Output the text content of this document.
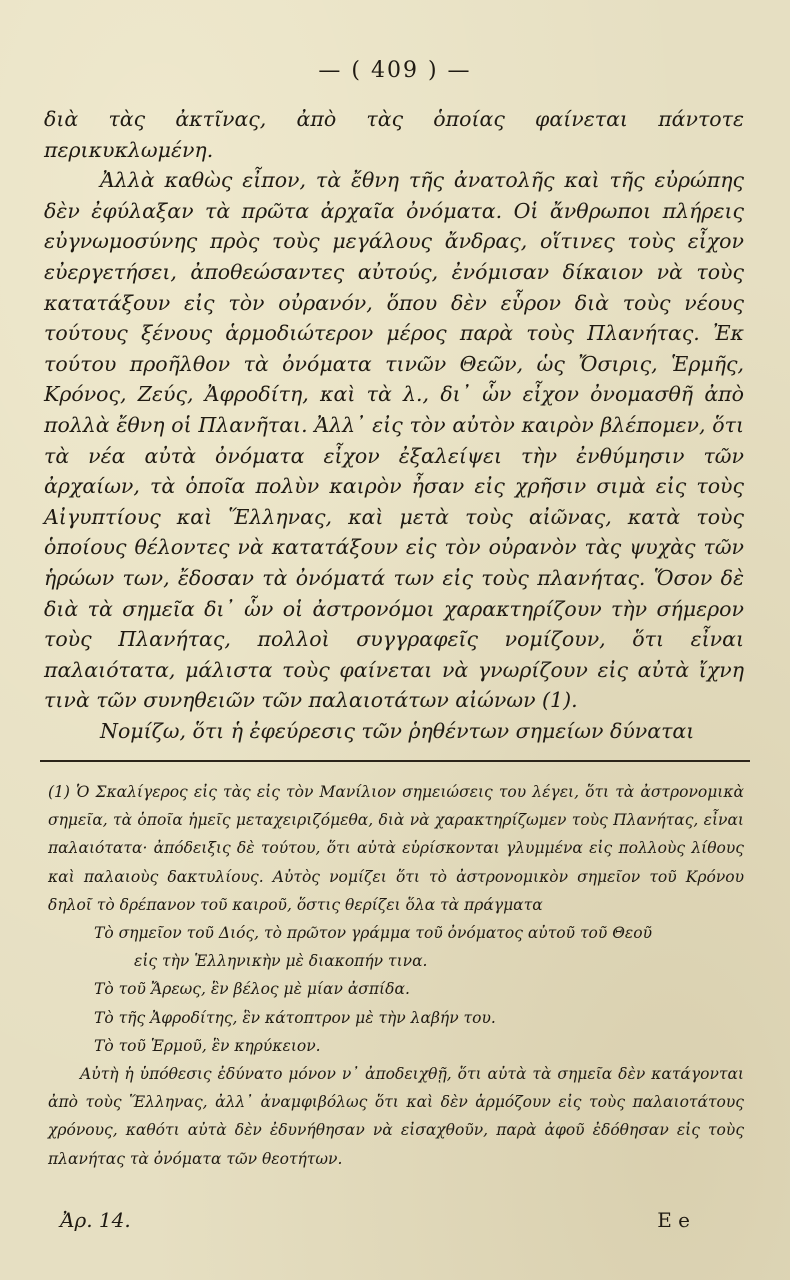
— ( 409 ) —

διὰ τὰς ἀκτῖνας, ἀπὸ τὰς ὁποίας φαίνεται πάντοτε περικυκλωμένη.

Ἀλλὰ καθὼς εἶπον, τὰ ἔθνη τῆς ἀνατολῆς καὶ τῆς εὐρώπης δὲν ἐφύλαξαν τὰ πρῶτα ἀρχαῖα ὀνόματα. Οἱ ἄνθρωποι πλήρεις εὐγνωμοσύνης πρὸς τοὺς μεγάλους ἄνδρας, οἵτινες τοὺς εἶχον εὐεργετήσει, ἀποθεώσαντες αὐτούς, ἐνόμισαν δίκαιον νὰ τοὺς κατατάξουν εἰς τὸν οὐρανόν, ὅπου δὲν εὗρον διὰ τοὺς νέους τούτους ξένους ἁρμοδιώτερον μέρος παρὰ τοὺς Πλανήτας. Ἐκ τούτου προῆλθον τὰ ὀνόματα τινῶν Θεῶν, ὡς Ὄσιρις, Ἑρμῆς, Κρόνος, Ζεύς, Ἀφροδίτη, καὶ τὰ λ., δι᾽ ὧν εἶχον ὀνομασθῆ ἀπὸ πολλὰ ἔθνη οἱ Πλανῆται. Ἀλλ᾽ εἰς τὸν αὐτὸν καιρὸν βλέπομεν, ὅτι τὰ νέα αὐτὰ ὀνόματα εἶχον ἐξαλείψει τὴν ἐνθύμησιν τῶν ἀρχαίων, τὰ ὁποῖα πολὺν καιρὸν ἦσαν εἰς χρῆσιν σιμὰ εἰς τοὺς Αἰγυπτίους καὶ Ἕλληνας, καὶ μετὰ τοὺς αἰῶνας, κατὰ τοὺς ὁποίους θέλοντες νὰ κατατάξουν εἰς τὸν οὐρανὸν τὰς ψυχὰς τῶν ἡρώων των, ἔδοσαν τὰ ὀνόματά των εἰς τοὺς πλανήτας. Ὅσον δὲ διὰ τὰ σημεῖα δι᾽ ὧν οἱ ἀστρονόμοι χαρακτηρίζουν τὴν σήμερον τοὺς Πλανήτας, πολλοὶ συγγραφεῖς νομίζουν, ὅτι εἶναι παλαιότατα, μάλιστα τοὺς φαίνεται νὰ γνωρίζουν εἰς αὐτὰ ἴχνη τινὰ τῶν συνηθειῶν τῶν παλαιοτάτων αἰώνων (1).

Νομίζω, ὅτι ἡ ἐφεύρεσις τῶν ῥηθέντων σημείων δύναται

(1) Ὁ Σκαλίγερος εἰς τὰς εἰς τὸν Μανίλιον σημειώσεις του λέγει, ὅτι τὰ ἀστρονομικὰ σημεῖα, τὰ ὁποῖα ἡμεῖς μεταχειριζόμεθα, διὰ νὰ χαρακτηρίζωμεν τοὺς Πλανήτας, εἶναι παλαιότατα· ἀπόδειξις δὲ τούτου, ὅτι αὐτὰ εὑρίσκονται γλυμμένα εἰς πολλοὺς λίθους καὶ παλαιοὺς δακτυλίους. Αὐτὸς νομίζει ὅτι τὸ ἀστρονομικὸν σημεῖον τοῦ Κρόνου δηλοῖ τὸ δρέπανον τοῦ καιροῦ, ὅστις θερίζει ὅλα τὰ πράγματα

Τὸ σημεῖον τοῦ Διός, τὸ πρῶτον γράμμα τοῦ ὀνόματος αὐτοῦ τοῦ Θεοῦ

εἰς τὴν Ἑλληνικὴν μὲ διακοπήν τινα.

Τὸ τοῦ Ἄρεως, ἓν βέλος μὲ μίαν ἀσπίδα.

Τὸ τῆς Ἀφροδίτης, ἓν κάτοπτρον μὲ τὴν λαβήν του.

Τὸ τοῦ Ἑρμοῦ, ἓν κηρύκειον.

Αὐτὴ ἡ ὑπόθεσις ἐδύνατο μόνον ν᾽ ἀποδειχθῇ, ὅτι αὐτὰ τὰ σημεῖα δὲν κατάγονται ἀπὸ τοὺς Ἕλληνας, ἀλλ᾽ ἀναμφιβόλως ὅτι καὶ δὲν ἁρμόζουν εἰς τοὺς παλαιοτάτους χρόνους, καθότι αὐτὰ δὲν ἐδυνήθησαν νὰ εἰσαχθοῦν, παρὰ ἀφοῦ ἐδόθησαν εἰς τοὺς πλανήτας τὰ ὀνόματα τῶν θεοτήτων.

Ἀρ. 14.	Ε e
